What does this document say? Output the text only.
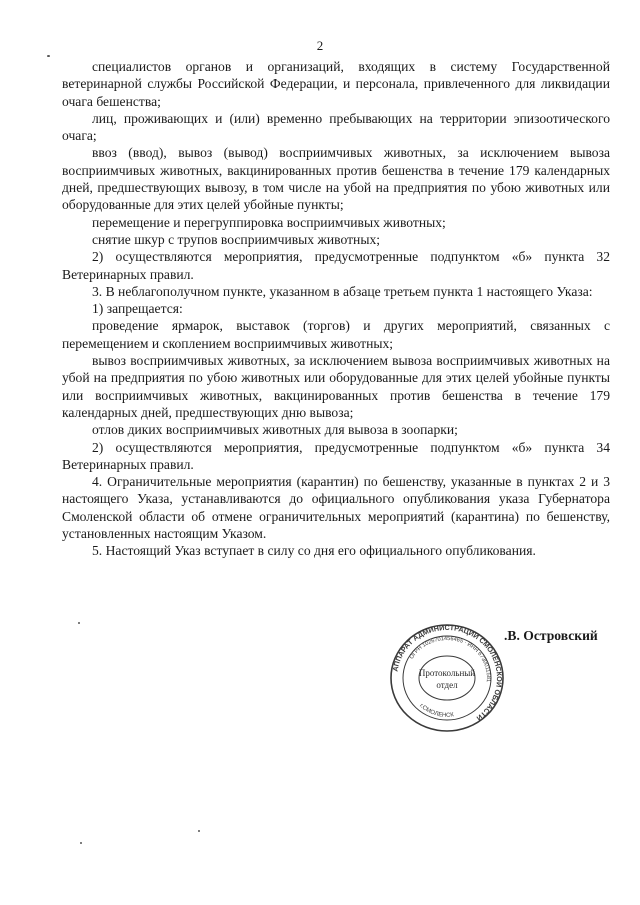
2

специалистов органов и организаций, входящих в систему Государственной ветеринарной службы Российской Федерации, и персонала, привлеченного для ликвидации очага бешенства;

лиц, проживающих и (или) временно пребывающих на территории эпизоотического очага;

ввоз (ввод), вывоз (вывод) восприимчивых животных, за исключением вывоза восприимчивых животных, вакцинированных против бешенства в течение 179 календарных дней, предшествующих вывозу, в том числе на убой на предприятия по убою животных или оборудованные для этих целей убойные пункты;

перемещение и перегруппировка восприимчивых животных;

снятие шкур с трупов восприимчивых животных;

2) осуществляются мероприятия, предусмотренные подпунктом «б» пункта 32 Ветеринарных правил.

3. В неблагополучном пункте, указанном в абзаце третьем пункта 1 настоящего Указа:

1) запрещается:

проведение ярмарок, выставок (торгов) и других мероприятий, связанных с перемещением и скоплением восприимчивых животных;

вывоз восприимчивых животных, за исключением вывоза восприимчивых животных на убой на предприятия по убою животных или оборудованные для этих целей убойные пункты или восприимчивых животных, вакцинированных против бешенства в течение 179 календарных дней, предшествующих дню вывоза;

отлов диких восприимчивых животных для вывоза в зоопарки;

2) осуществляются мероприятия, предусмотренные подпунктом «б» пункта 34 Ветеринарных правил.

4. Ограничительные мероприятия (карантин) по бешенству, указанные в пунктах 2 и 3 настоящего Указа, устанавливаются до официального опубликования указа Губернатора Смоленской области об отмене ограничительных мероприятий (карантина) по бешенству, установленных настоящим Указом.

5. Настоящий Указ вступает в силу со дня его официального опубликования.

АППАРАТ АДМИНИСТРАЦИИ СМОЛЕНСКОЙ ОБЛАСТИ
ОГРН 1026701456465 · ИНН 6730011581
г.СМОЛЕНСК
Протокольный
отдел
.В. Островский
